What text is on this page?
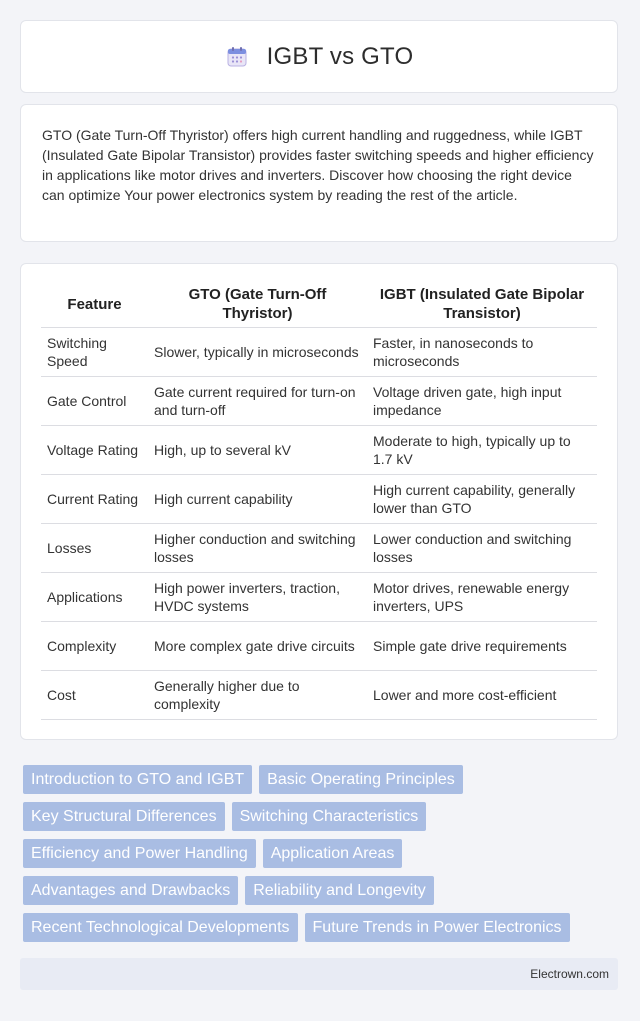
IGBT vs GTO

GTO (Gate Turn-Off Thyristor) offers high current handling and ruggedness, while IGBT (Insulated Gate Bipolar Transistor) provides faster switching speeds and higher efficiency in applications like motor drives and inverters. Discover how choosing the right device can optimize Your power electronics system by reading the rest of the article.

Feature	GTO (Gate Turn-Off Thyristor)	IGBT (Insulated Gate Bipolar Transistor)
Switching Speed	Slower, typically in microseconds	Faster, in nanoseconds to microseconds
Gate Control	Gate current required for turn-on and turn-off	Voltage driven gate, high input impedance
Voltage Rating	High, up to several kV	Moderate to high, typically up to 1.7 kV
Current Rating	High current capability	High current capability, generally lower than GTO
Losses	Higher conduction and switching losses	Lower conduction and switching losses
Applications	High power inverters, traction, HVDC systems	Motor drives, renewable energy inverters, UPS
Complexity	More complex gate drive circuits	Simple gate drive requirements
Cost	Generally higher due to complexity	Lower and more cost-efficient
Introduction to GTO and IGBT	Basic Operating Principles
Key Structural Differences	Switching Characteristics
Efficiency and Power Handling	Application Areas
Advantages and Drawbacks	Reliability and Longevity
Recent Technological Developments	Future Trends in Power Electronics
Electrown.com
